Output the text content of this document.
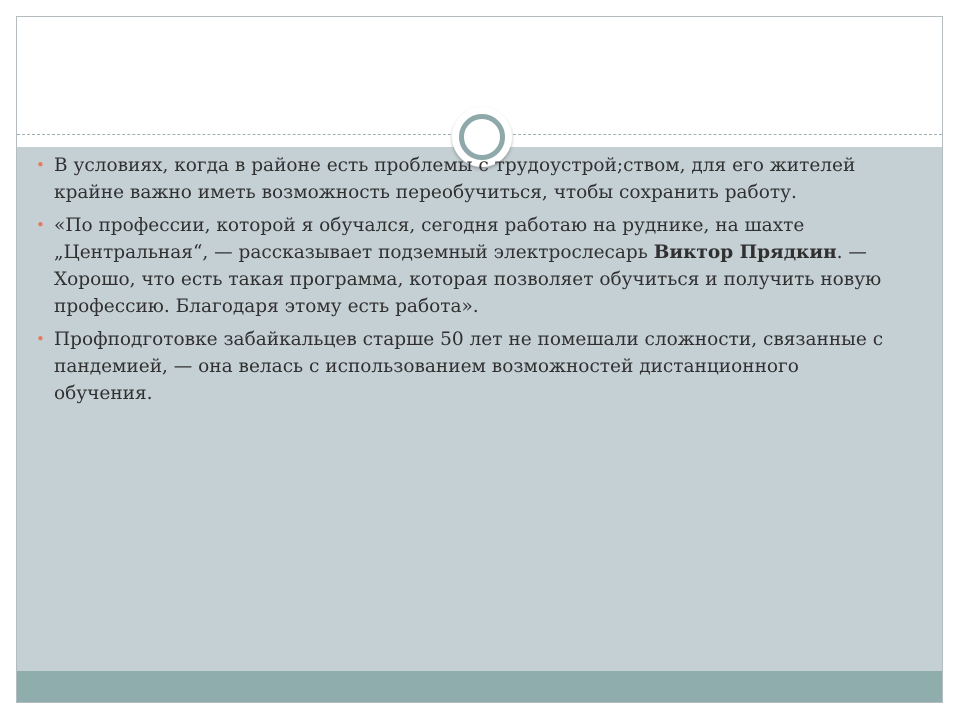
• В условиях, когда в районе есть проблемы с трудоустрой;ством, для его жителей крайне важно иметь возможность переобучиться, чтобы сохранить работу.
• «По профессии, которой я обучался, сегодня работаю на руднике, на шахте „Центральная“, — рассказывает подземный электрослесарь Виктор Прядкин. — Хорошо, что есть такая программа, которая позволяет обучиться и получить новую профессию. Благодаря этому есть работа».
• Профподготовке забайкальцев старше 50 лет не помешали сложности, связанные с пандемией, — она велась с использованием возможностей дистанционного обучения.
